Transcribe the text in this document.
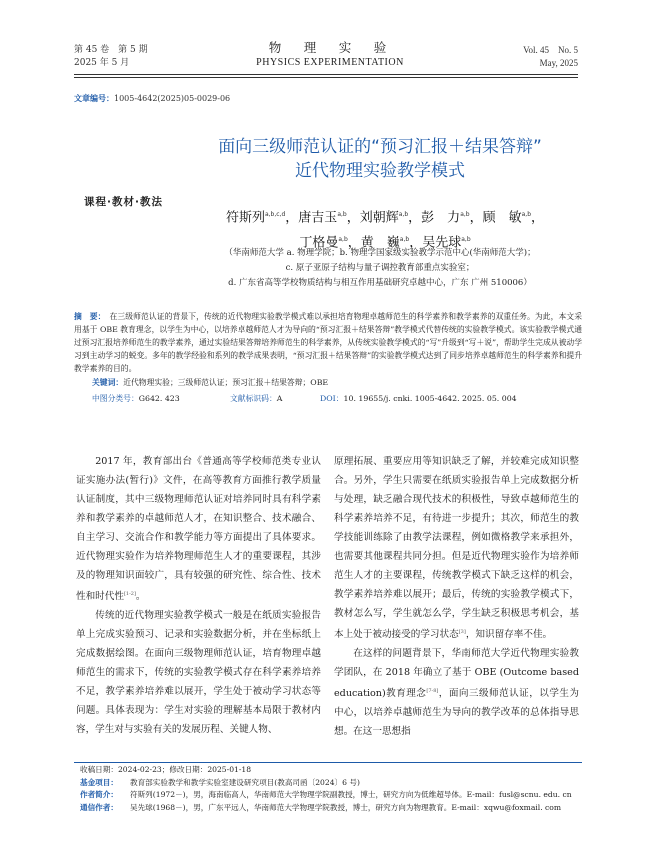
第 45 卷　第 5 期
2025 年 5 月
物　理　实　验
PHYSICS EXPERIMENTATION
Vol. 45　No. 5
May, 2025
文章编号：1005-4642(2025)05-0029-06
课程·教材·教法
面向三级师范认证的“预习汇报＋结果答辩”
近代物理实验教学模式
符斯列$^{a,b,c,d}$，唐吉玉$^{a,b}$，刘朝辉$^{a,b}$，彭　力$^{a,b}$，顾　敏$^{a,b}$，
丁格曼$^{a,b}$，黄　巍$^{a,b}$，吴先球$^{a,b}$
（华南师范大学 a. 物理学院；b. 物理学国家级实验教学示范中心(华南师范大学)；
c. 原子亚原子结构与量子调控教育部重点实验室；
d. 广东省高等学校物质结构与相互作用基础研究卓越中心，广东 广州 510006）
摘　要： 在三级师范认证的背景下，传统的近代物理实验教学模式难以承担培育物理卓越师范生的科学素养和教学素养的双重任务。为此，本文采用基于 OBE 教育理念，以学生为中心，以培养卓越师范人才为导向的“预习汇报＋结果答辩”教学模式代替传统的实验教学模式。该实验教学模式通过预习汇报培养师范生的教学素养，通过实验结果答辩培养师范生的科学素养，从传统实验教学模式的“写”升级到“写＋说”，帮助学生完成从被动学习到主动学习的蜕变。多年的教学经验和系列的教学成果表明，“预习汇报＋结果答辩”的实验教学模式达到了同步培养卓越师范生的科学素养和提升教学素养的目的。
关键词：近代物理实验；三级师范认证；预习汇报＋结果答辩；OBE
中图分类号：G642. 423	文献标识码：A	DOI：10. 19655/j. cnki. 1005-4642. 2025. 05. 004

2017 年，教育部出台《普通高等学校师范类专业认证实施办法(暂行)》文件，在高等教育方面推行教学质量认证制度，其中三级物理师范认证对培养同时具有科学素养和教学素养的卓越师范人才，在知识整合、技术融合、自主学习、交流合作和教学能力等方面提出了具体要求。近代物理实验作为培养物理师范生人才的重要课程，其涉及的物理知识面较广，具有较强的研究性、综合性、技术性和时代性[1-2]。

传统的近代物理实验教学模式一般是在纸质实验报告单上完成实验预习、记录和实验数据分析，并在坐标纸上完成数据绘图。在面向三级物理师范认证，培育物理卓越师范生的需求下，传统的实验教学模式存在科学素养培养不足，教学素养培养难以展开，学生处于被动学习状态等问题。具体表现为：学生对实验的理解基本局限于教材内容，学生对与实验有关的发展历程、关键人物、

原理拓展、重要应用等知识缺乏了解，并较难完成知识整合。另外，学生只需要在纸质实验报告单上完成数据分析与处理，缺乏融合现代技术的积极性，导致卓越师范生的科学素养培养不足，有待进一步提升；其次，师范生的教学技能训练除了由教学法课程，例如微格教学来承担外，也需要其他课程共同分担。但是近代物理实验作为培养师范生人才的主要课程，传统教学模式下缺乏这样的机会，教学素养培养难以展开；最后，传统的实验教学模式下，教材怎么写，学生就怎么学，学生缺乏积极思考机会，基本上处于被动接受的学习状态[3]，知识留存率不佳。

在这样的问题背景下，华南师范大学近代物理实验教学团队，在 2018 年确立了基于 OBE (Outcome based education)教育理念[7-8]，面向三级师范认证，以学生为中心，以培养卓越师范生为导向的教学改革的总体指导思想。在这一思想指

收稿日期：2024-02-23；修改日期：2025-01-18
基金项目：	教育部实验教学和教学实验室建设研究项目(教高司函〔2024〕6 号)
作者简介：	符斯列(1972－)，男，海南临高人，华南师范大学物理学院副教授，博士，研究方向为低维超导体。E-mail：fusl@scnu. edu. cn
通信作者：	吴先球(1968－)，男，广东平远人，华南师范大学物理学院教授，博士，研究方向为物理教育。E-mail：xqwu@foxmail. com
